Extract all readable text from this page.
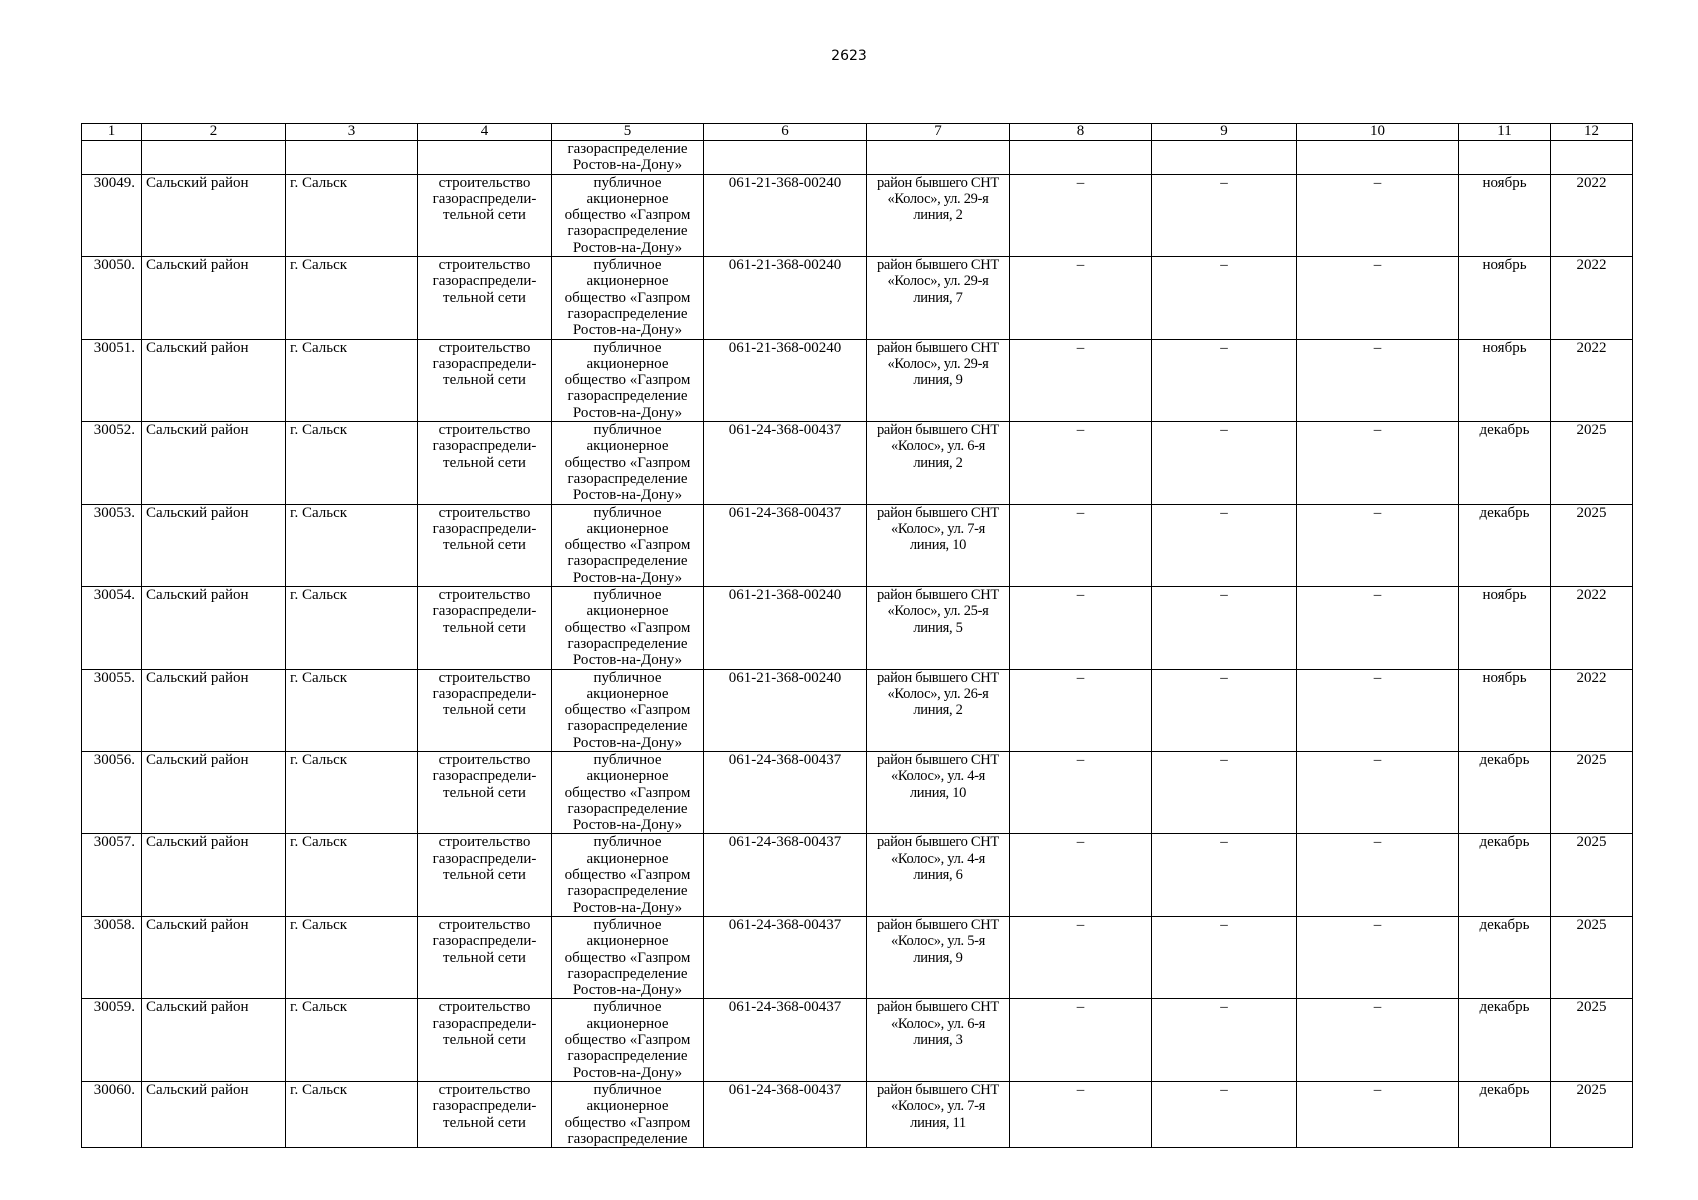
2623
1	2	3	4	5	6	7	8	9	10	11	12
				газораспределение
Ростов-на-Дону»							
30049.	Сальский район	г. Сальск	строительство газораспредели-тельной сети	публичное акционерное общество «Газпром газораспределение Ростов-на-Дону»	061-21-368-00240	район бывшего СНТ «Колос», ул. 29-я линия, 2	–	–	–	ноябрь	2022
30050.	Сальский район	г. Сальск	строительство газораспредели-тельной сети	публичное акционерное общество «Газпром газораспределение Ростов-на-Дону»	061-21-368-00240	район бывшего СНТ «Колос», ул. 29-я линия, 7	–	–	–	ноябрь	2022
30051.	Сальский район	г. Сальск	строительство газораспредели-тельной сети	публичное акционерное общество «Газпром газораспределение Ростов-на-Дону»	061-21-368-00240	район бывшего СНТ «Колос», ул. 29-я линия, 9	–	–	–	ноябрь	2022
30052.	Сальский район	г. Сальск	строительство газораспредели-тельной сети	публичное акционерное общество «Газпром газораспределение Ростов-на-Дону»	061-24-368-00437	район бывшего СНТ «Колос», ул. 6-я линия, 2	–	–	–	декабрь	2025
30053.	Сальский район	г. Сальск	строительство газораспредели-тельной сети	публичное акционерное общество «Газпром газораспределение Ростов-на-Дону»	061-24-368-00437	район бывшего СНТ «Колос», ул. 7-я линия, 10	–	–	–	декабрь	2025
30054.	Сальский район	г. Сальск	строительство газораспредели-тельной сети	публичное акционерное общество «Газпром газораспределение Ростов-на-Дону»	061-21-368-00240	район бывшего СНТ «Колос», ул. 25-я линия, 5	–	–	–	ноябрь	2022
30055.	Сальский район	г. Сальск	строительство газораспредели-тельной сети	публичное акционерное общество «Газпром газораспределение Ростов-на-Дону»	061-21-368-00240	район бывшего СНТ «Колос», ул. 26-я линия, 2	–	–	–	ноябрь	2022
30056.	Сальский район	г. Сальск	строительство газораспредели-тельной сети	публичное акционерное общество «Газпром газораспределение Ростов-на-Дону»	061-24-368-00437	район бывшего СНТ «Колос», ул. 4-я линия, 10	–	–	–	декабрь	2025
30057.	Сальский район	г. Сальск	строительство газораспредели-тельной сети	публичное акционерное общество «Газпром газораспределение Ростов-на-Дону»	061-24-368-00437	район бывшего СНТ «Колос», ул. 4-я линия, 6	–	–	–	декабрь	2025
30058.	Сальский район	г. Сальск	строительство газораспредели-тельной сети	публичное акционерное общество «Газпром газораспределение Ростов-на-Дону»	061-24-368-00437	район бывшего СНТ «Колос», ул. 5-я линия, 9	–	–	–	декабрь	2025
30059.	Сальский район	г. Сальск	строительство газораспредели-тельной сети	публичное акционерное общество «Газпром газораспределение Ростов-на-Дону»	061-24-368-00437	район бывшего СНТ «Колос», ул. 6-я линия, 3	–	–	–	декабрь	2025
30060.	Сальский район	г. Сальск	строительство газораспредели-тельной сети	публичное акционерное общество «Газпром газораспределение	061-24-368-00437	район бывшего СНТ «Колос», ул. 7-я линия, 11	–	–	–	декабрь	2025
